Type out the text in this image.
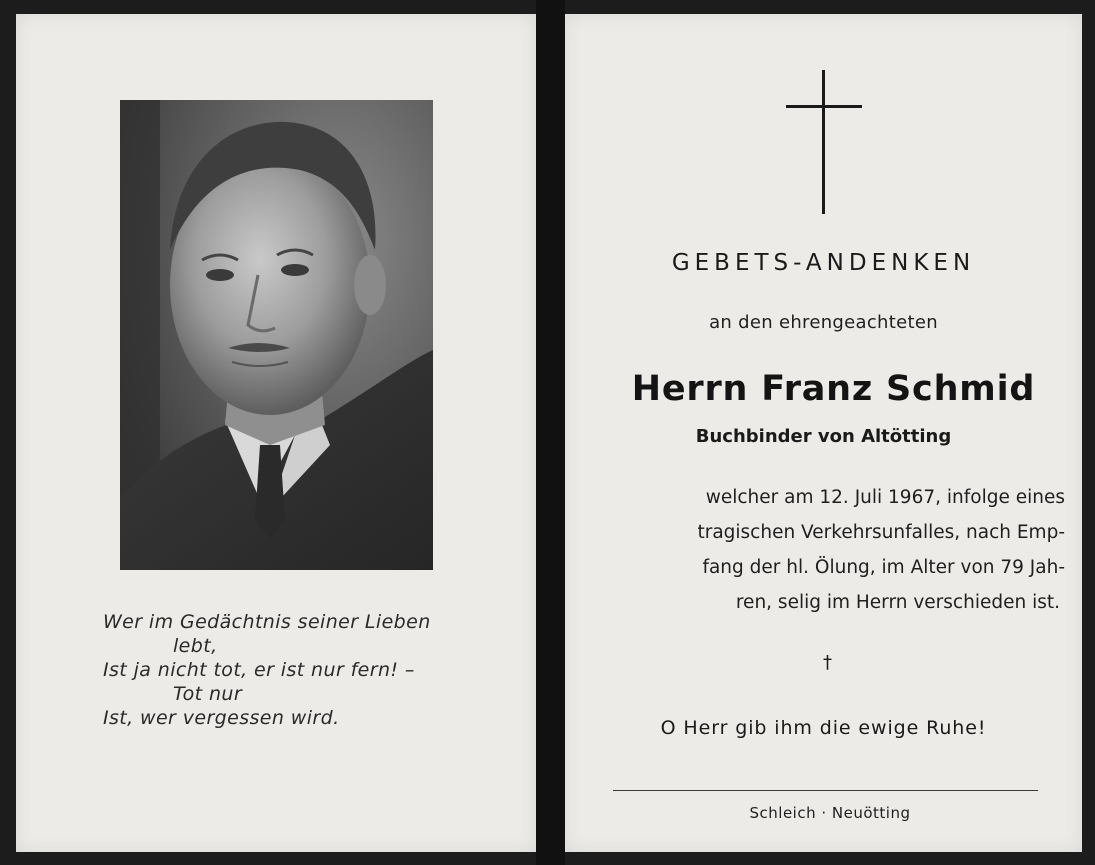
Wer im Gedächtnis seiner Lieben
lebt,
Ist ja nicht tot, er ist nur fern! –
Tot nur
Ist, wer vergessen wird.
GEBETS-ANDENKEN
an den ehrengeachteten
Herrn Franz Schmid
Buchbinder von Altötting
welcher am 12. Juli 1967, infolge eines
tragischen Verkehrsunfalles, nach Emp-
fang der hl. Ölung, im Alter von 79 Jah-
ren, selig im Herrn verschieden ist.
†
O Herr gib ihm die ewige Ruhe!
Schleich · Neuötting
